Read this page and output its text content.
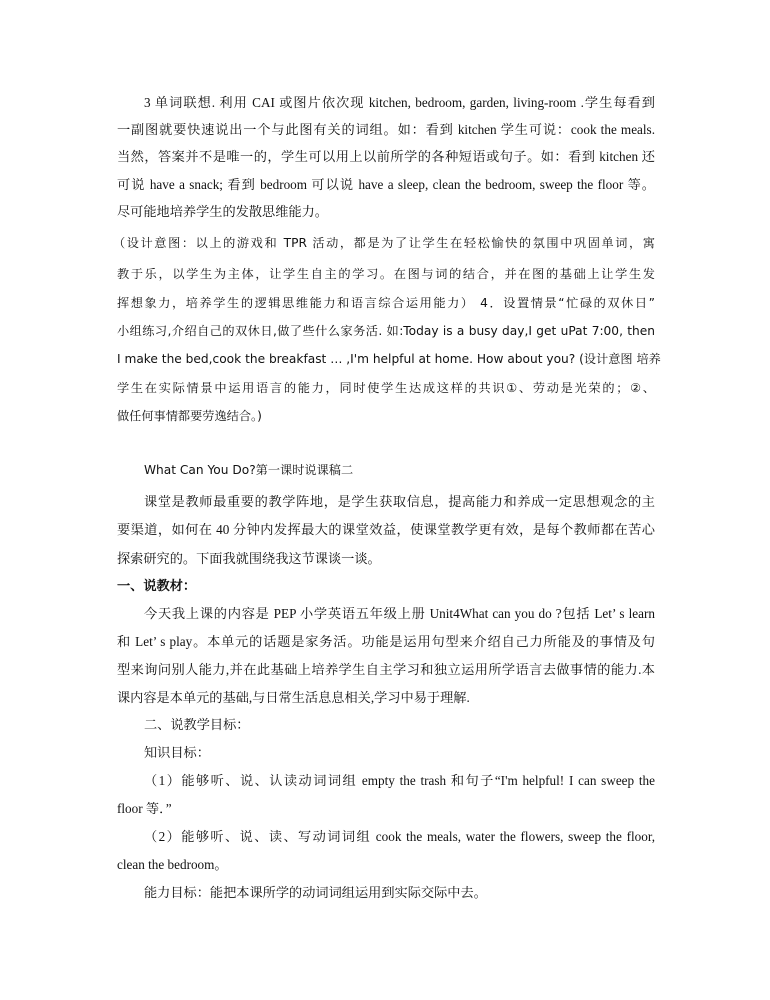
3 单词联想. 利用 CAI 或图片依次现 kitchen, bedroom, garden, living-room .学生每看到
一副图就要快速说出一个与此图有关的词组。如：看到 kitchen 学生可说：cook the meals.
当然，答案并不是唯一的，学生可以用上以前所学的各种短语或句子。如：看到 kitchen 还
可说 have a snack; 看到 bedroom 可以说 have a sleep, clean the bedroom, sweep the floor 等。
尽可能地培养学生的发散思维能力。
（设计意图：以上的游戏和 TPR 活动，都是为了让学生在轻松愉快的氛围中巩固单词，寓
教于乐，以学生为主体，让学生自主的学习。在图与词的结合，并在图的基础上让学生发
挥想象力，培养学生的逻辑思维能力和语言综合运用能力） 4．设置情景“忙碌的双休日”
小组练习,介绍自己的双休日,做了些什么家务活. 如:Today is a busy day,I get uPat 7:00, then
I make the bed,cook the breakfast … ,I'm helpful at home. How about you? (设计意图 培养
学生在实际情景中运用语言的能力，同时使学生达成这样的共识①、劳动是光荣的；②、
做任何事情都要劳逸结合。)
What Can You Do?第一课时说课稿二
课堂是教师最重要的教学阵地，是学生获取信息，提高能力和养成一定思想观念的主
要渠道，如何在 40 分钟内发挥最大的课堂效益，使课堂教学更有效，是每个教师都在苦心
探索研究的。下面我就围绕我这节课谈一谈。
一、说教材：
今天我上课的内容是 PEP 小学英语五年级上册 Unit4What can you do ?包括 Let’ s learn
和 Let’ s play。本单元的话题是家务活。功能是运用句型来介绍自己力所能及的事情及句
型来询问别人能力,并在此基础上培养学生自主学习和独立运用所学语言去做事情的能力.本
课内容是本单元的基础,与日常生活息息相关,学习中易于理解.
二、说教学目标：
知识目标：
（1）能够听、说、认读动词词组 empty the trash 和句子“I'm helpful! I can sweep the
floor 等．”
（2）能够听、说、读、写动词词组 cook the meals, water the flowers, sweep the floor,
clean the bedroom。
能力目标：能把本课所学的动词词组运用到实际交际中去。
